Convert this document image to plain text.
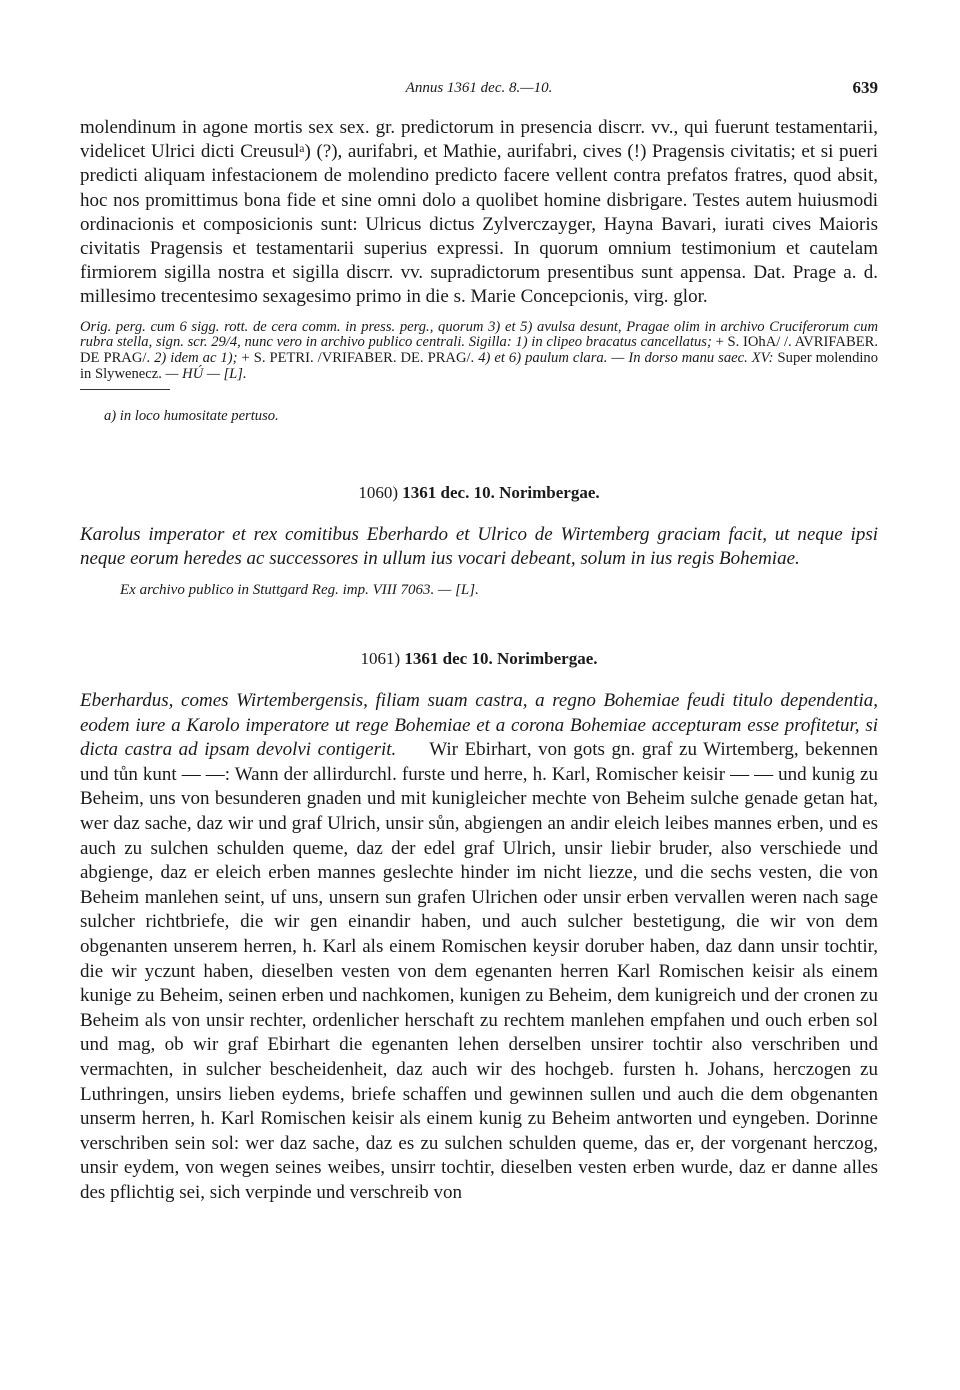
Annus 1361 dec. 8.—10.	639

molendinum in agone mortis sex sex. gr. predictorum in presencia discrr. vv., qui fuerunt testamentarii, videlicet Ulrici dicti Creusulᵃ) (?), aurifabri, et Mathie, aurifabri, cives (!) Pragensis civitatis; et si pueri predicti aliquam infestacionem de molendino predicto facere vellent contra prefatos fratres, quod absit, hoc nos promittimus bona fide et sine omni dolo a quolibet homine disbrigare. Testes autem huiusmodi ordinacionis et composicionis sunt: Ulricus dictus Zylverczayger, Hayna Bavari, iurati cives Maioris civitatis Pragensis et testamentarii superius expressi. In quorum omnium testimonium et cautelam firmiorem sigilla nostra et sigilla discrr. vv. supradictorum presentibus sunt appensa. Dat. Prage a. d. millesimo trecentesimo sexagesimo primo in die s. Marie Concepcionis, virg. glor.

Orig. perg. cum 6 sigg. rott. de cera comm. in press. perg., quorum 3) et 5) avulsa desunt, Pragae olim in archivo Cruciferorum cum rubra stella, sign. scr. 29/4, nunc vero in archivo publico centrali. Sigilla: 1) in clipeo bracatus cancellatus; + S. IOhA/ /. AVRIFABER. DE PRAG/. 2) idem ac 1); + S. PETRI. /VRIFABER. DE. PRAG/. 4) et 6) paulum clara. — In dorso manu saec. XV: Super molendino in Slywenecz. — HÚ — [L].

a) in loco humositate pertuso.

1060) 1361 dec. 10. Norimbergae.

Karolus imperator et rex comitibus Eberhardo et Ulrico de Wirtemberg graciam facit, ut neque ipsi neque eorum heredes ac successores in ullum ius vocari debeant, solum in ius regis Bohemiae.

Ex archivo publico in Stuttgard Reg. imp. VIII 7063. — [L].

1061) 1361 dec 10. Norimbergae.

Eberhardus, comes Wirtembergensis, filiam suam castra, a regno Bohemiae feudi titulo dependentia, eodem iure a Karolo imperatore ut rege Bohemiae et a corona Bohemiae accepturam esse profitetur, si dicta castra ad ipsam devolvi contigerit. Wir Ebirhart, von gots gn. graf zu Wirtemberg, bekennen und tůn kunt — —: Wann der allirdurchl. furste und herre, h. Karl, Romischer keisir — — und kunig zu Beheim, uns von besunderen gnaden und mit kunigleicher mechte von Beheim sulche genade getan hat, wer daz sache, daz wir und graf Ulrich, unsir sůn, abgiengen an andir eleich leibes mannes erben, und es auch zu sulchen schulden queme, daz der edel graf Ulrich, unsir liebir bruder, also verschiede und abgienge, daz er eleich erben mannes geslechte hinder im nicht liezze, und die sechs vesten, die von Beheim manlehen seint, uf uns, unsern sun grafen Ulrichen oder unsir erben vervallen weren nach sage sulcher richtbriefe, die wir gen einandir haben, und auch sulcher bestetigung, die wir von dem obgenanten unserem herren, h. Karl als einem Romischen keysir doruber haben, daz dann unsir tochtir, die wir yczunt haben, dieselben vesten von dem egenanten herren Karl Romischen keisir als einem kunige zu Beheim, seinen erben und nachkomen, kunigen zu Beheim, dem kunigreich und der cronen zu Beheim als von unsir rechter, ordenlicher herschaft zu rechtem manlehen empfahen und ouch erben sol und mag, ob wir graf Ebirhart die egenanten lehen derselben unsirer tochtir also verschriben und vermachten, in sulcher bescheidenheit, daz auch wir des hochgeb. fursten h. Johans, herczogen zu Luthringen, unsirs lieben eydems, briefe schaffen und gewinnen sullen und auch die dem obgenanten unserm herren, h. Karl Romischen keisir als einem kunig zu Beheim antworten und eyngeben. Dorinne verschriben sein sol: wer daz sache, daz es zu sulchen schulden queme, das er, der vorgenant herczog, unsir eydem, von wegen seines weibes, unsirr tochtir, dieselben vesten erben wurde, daz er danne alles des pflichtig sei, sich verpinde und verschreib von
